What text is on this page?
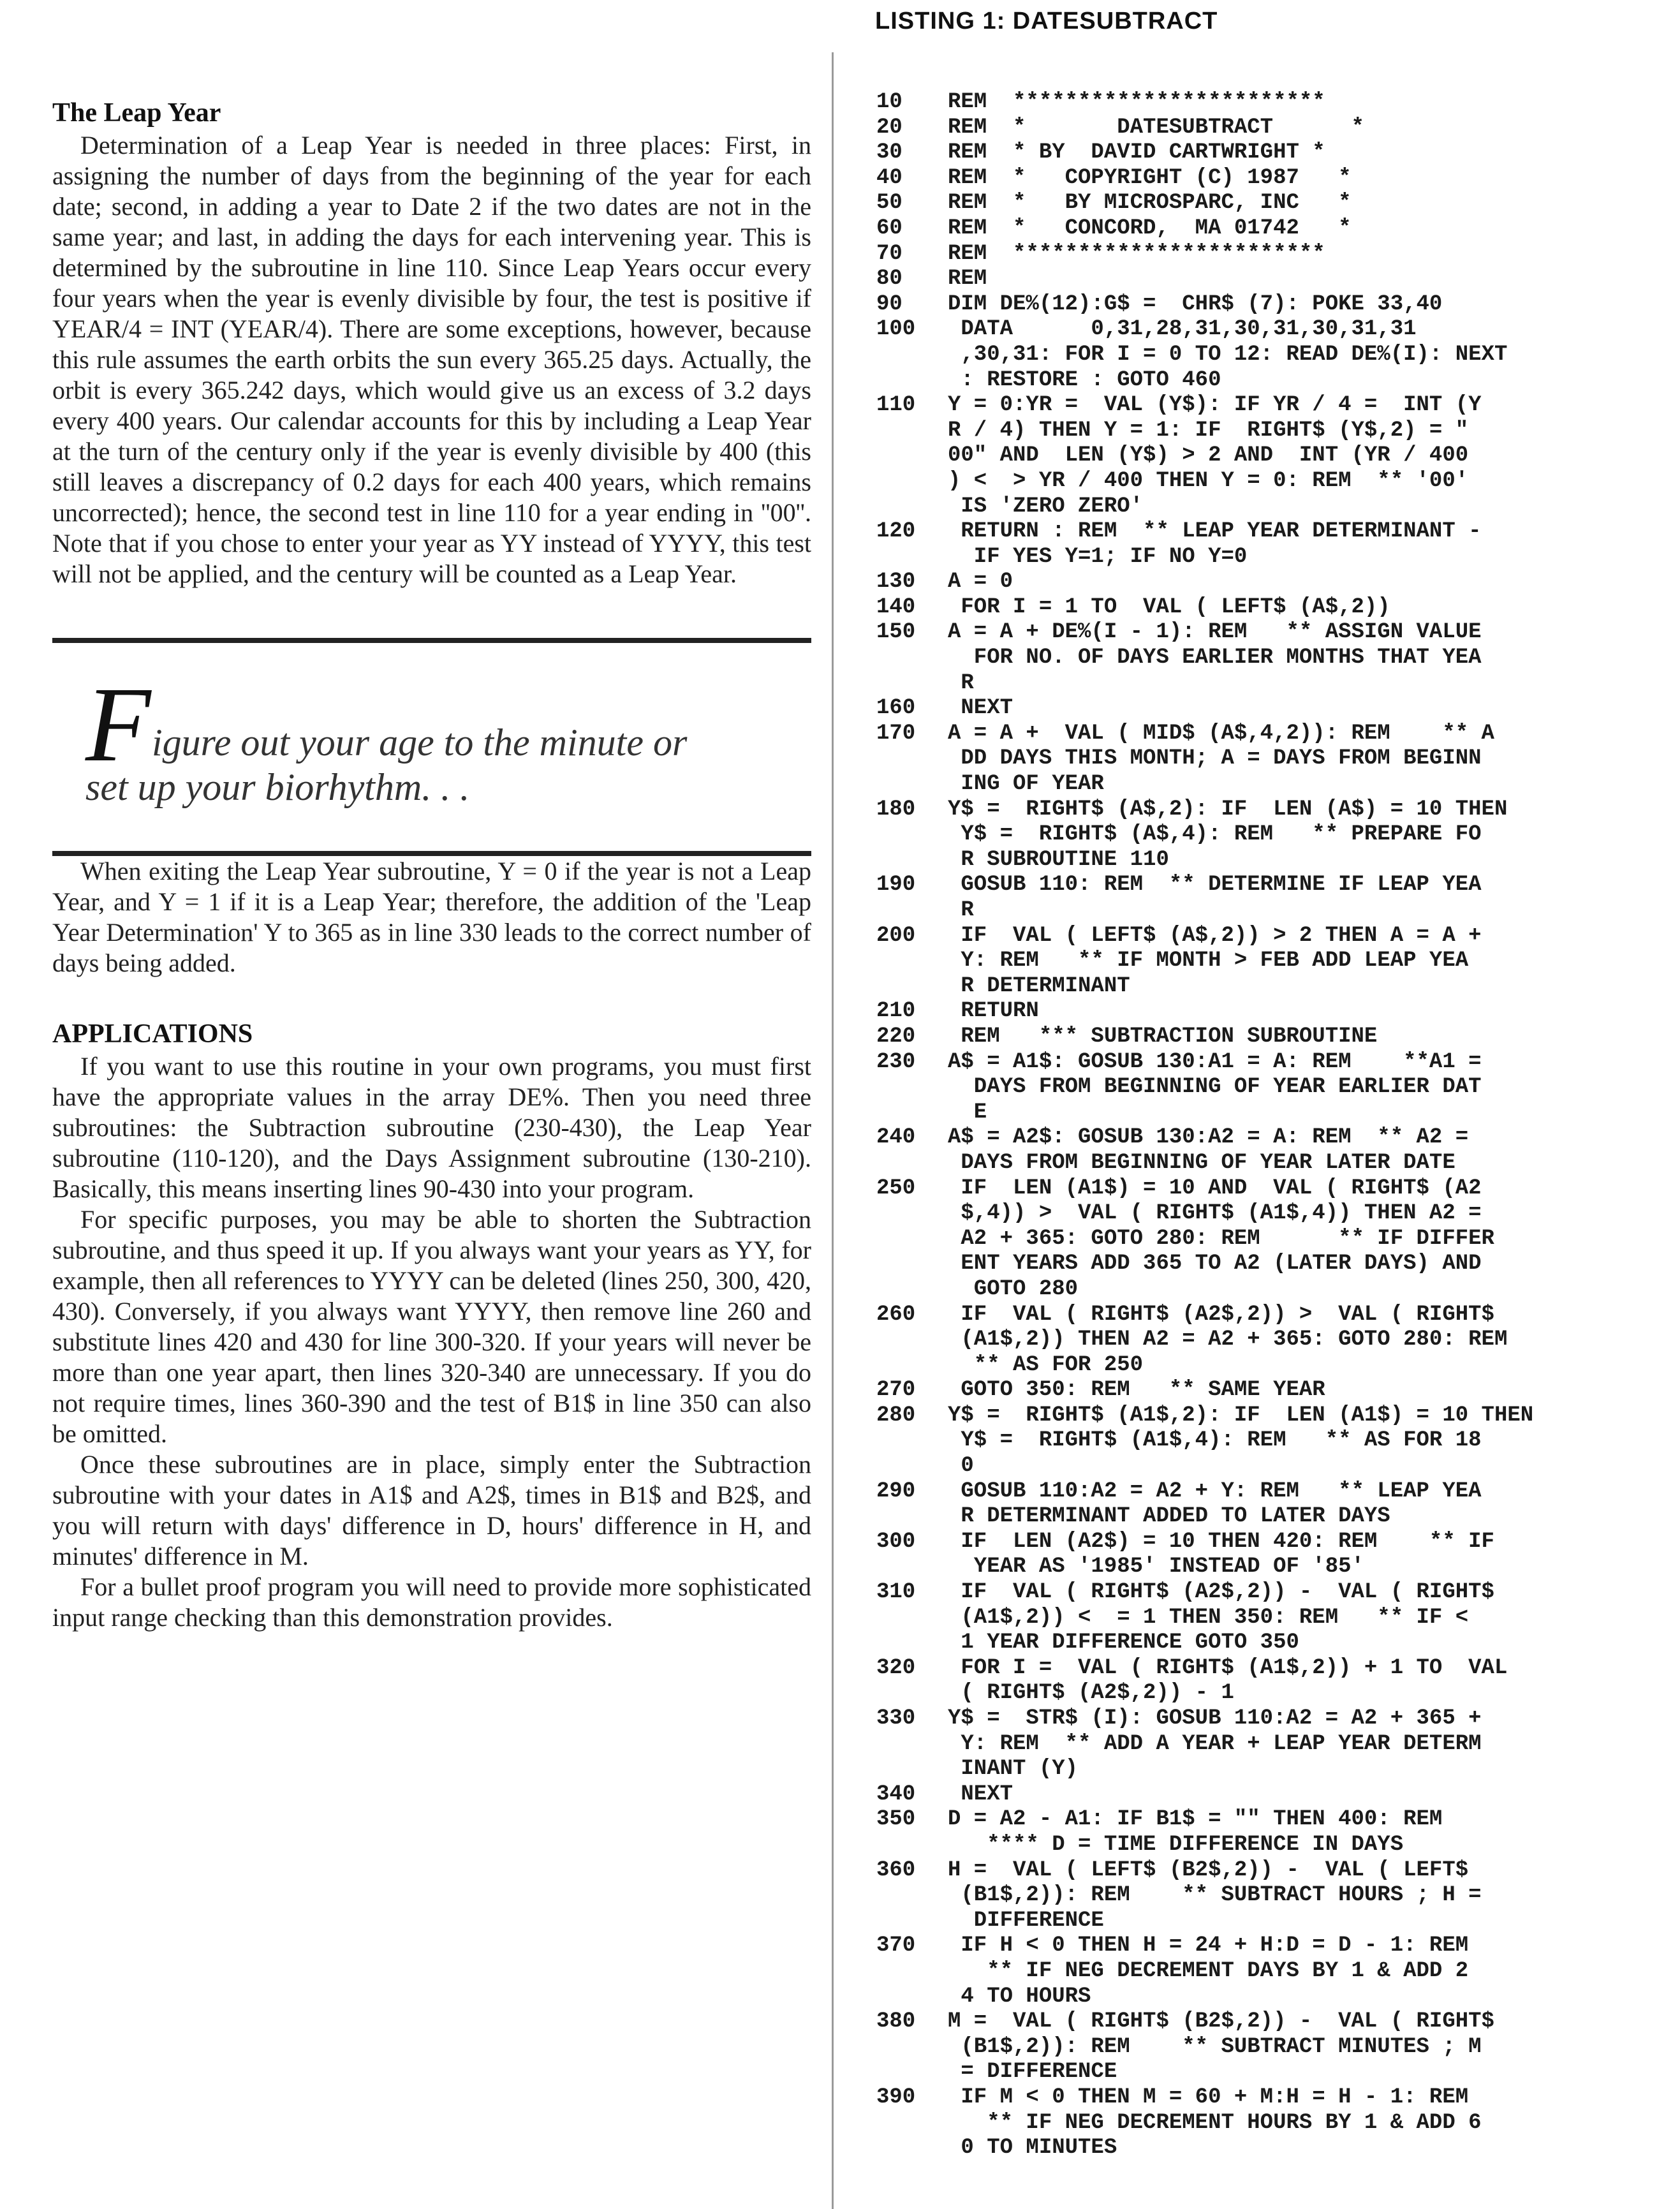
The Leap Year

Determination of a Leap Year is needed in three places: First, in assigning the number of days from the beginning of the year for each date; second, in adding a year to Date 2 if the two dates are not in the same year; and last, in adding the days for each intervening year. This is determined by the subroutine in line 110. Since Leap Years occur every four years when the year is evenly divisible by four, the test is positive if YEAR/4 = INT (YEAR/4). There are some exceptions, however, because this rule assumes the earth orbits the sun every 365.25 days. Actually, the orbit is every 365.242 days, which would give us an excess of 3.2 days every 400 years. Our calendar accounts for this by including a Leap Year at the turn of the century only if the year is evenly divisible by 400 (this still leaves a discrepancy of 0.2 days for each 400 years, which remains uncorrected); hence, the second test in line 110 for a year ending in ''00''. Note that if you chose to enter your year as YY instead of YYYY, this test will not be applied, and the century will be counted as a Leap Year.

F igure out your age to the minute or
set up your biorhythm. . .

When exiting the Leap Year subroutine, Y = 0 if the year is not a Leap Year, and Y = 1 if it is a Leap Year; therefore, the addition of the 'Leap Year Determination' Y to 365 as in line 330 leads to the correct number of days being added.

APPLICATIONS

If you want to use this routine in your own programs, you must first have the appropriate values in the array DE%. Then you need three subroutines: the Subtraction subroutine (230-430), the Leap Year subroutine (110-120), and the Days Assignment subroutine (130-210). Basically, this means inserting lines 90-430 into your program.

For specific purposes, you may be able to shorten the Subtraction subroutine, and thus speed it up. If you always want your years as YY, for example, then all references to YYYY can be deleted (lines 250, 300, 420, 430). Conversely, if you always want YYYY, then remove line 260 and substitute lines 420 and 430 for line 300-320. If your years will never be more than one year apart, then lines 320-340 are unnecessary. If you do not require times, lines 360-390 and the test of B1$ in line 350 can also be omitted.

Once these subroutines are in place, simply enter the Subtraction subroutine with your dates in A1$ and A2$, times in B1$ and B2$, and you will return with days' difference in D, hours' difference in H, and minutes' difference in M.

For a bullet proof program you will need to provide more sophisticated input range checking than this demonstration provides.

LISTING 1: DATESUBTRACT
10	REM  ************************
20	REM  *       DATESUBTRACT      *
30	REM  * BY  DAVID CARTWRIGHT *
40	REM  *   COPYRIGHT (C) 1987   *
50	REM  *   BY MICROSPARC, INC   *
60	REM  *   CONCORD,  MA 01742   *
70	REM  ************************
80	REM
90	DIM DE%(12):G$ =  CHR$ (7): POKE 33,40
100	DATA      0,31,28,31,30,31,30,31,31
,30,31: FOR I = 0 TO 12: READ DE%(I): NEXT
: RESTORE : GOTO 460
110	Y = 0:YR =  VAL (Y$): IF YR / 4 =  INT (Y
R / 4) THEN Y = 1: IF  RIGHT$ (Y$,2) = "
00" AND  LEN (Y$) > 2 AND  INT (YR / 400
) <  > YR / 400 THEN Y = 0: REM  ** '00'
IS 'ZERO ZERO'
120	RETURN : REM  ** LEAP YEAR DETERMINANT -
IF YES Y=1; IF NO Y=0
130	A = 0
140	FOR I = 1 TO  VAL ( LEFT$ (A$,2))
150	A = A + DE%(I - 1): REM   ** ASSIGN VALUE
FOR NO. OF DAYS EARLIER MONTHS THAT YEA
R
160	NEXT
170	A = A +  VAL ( MID$ (A$,4,2)): REM    ** A
DD DAYS THIS MONTH; A = DAYS FROM BEGINN
ING OF YEAR
180	Y$ =  RIGHT$ (A$,2): IF  LEN (A$) = 10 THEN
Y$ =  RIGHT$ (A$,4): REM   ** PREPARE FO
R SUBROUTINE 110
190	GOSUB 110: REM  ** DETERMINE IF LEAP YEA
R
200	IF  VAL ( LEFT$ (A$,2)) > 2 THEN A = A +
Y: REM   ** IF MONTH > FEB ADD LEAP YEA
R DETERMINANT
210	RETURN
220	REM   *** SUBTRACTION SUBROUTINE
230	A$ = A1$: GOSUB 130:A1 = A: REM    **A1 =
DAYS FROM BEGINNING OF YEAR EARLIER DAT
E
240	A$ = A2$: GOSUB 130:A2 = A: REM  ** A2 =
DAYS FROM BEGINNING OF YEAR LATER DATE
250	IF  LEN (A1$) = 10 AND  VAL ( RIGHT$ (A2
$,4)) >  VAL ( RIGHT$ (A1$,4)) THEN A2 =
A2 + 365: GOTO 280: REM      ** IF DIFFER
ENT YEARS ADD 365 TO A2 (LATER DAYS) AND
GOTO 280
260	IF  VAL ( RIGHT$ (A2$,2)) >  VAL ( RIGHT$
(A1$,2)) THEN A2 = A2 + 365: GOTO 280: REM
** AS FOR 250
270	GOTO 350: REM   ** SAME YEAR
280	Y$ =  RIGHT$ (A1$,2): IF  LEN (A1$) = 10 THEN
Y$ =  RIGHT$ (A1$,4): REM   ** AS FOR 18
0
290	GOSUB 110:A2 = A2 + Y: REM   ** LEAP YEA
R DETERMINANT ADDED TO LATER DAYS
300	IF  LEN (A2$) = 10 THEN 420: REM    ** IF
YEAR AS '1985' INSTEAD OF '85'
310	IF  VAL ( RIGHT$ (A2$,2)) -  VAL ( RIGHT$
(A1$,2)) <  = 1 THEN 350: REM   ** IF <
1 YEAR DIFFERENCE GOTO 350
320	FOR I =  VAL ( RIGHT$ (A1$,2)) + 1 TO  VAL
( RIGHT$ (A2$,2)) - 1
330	Y$ =  STR$ (I): GOSUB 110:A2 = A2 + 365 +
Y: REM  ** ADD A YEAR + LEAP YEAR DETERM
INANT (Y)
340	NEXT
350	D = A2 - A1: IF B1$ = "" THEN 400: REM
**** D = TIME DIFFERENCE IN DAYS
360	H =  VAL ( LEFT$ (B2$,2)) -  VAL ( LEFT$
(B1$,2)): REM    ** SUBTRACT HOURS ; H =
DIFFERENCE
370	IF H < 0 THEN H = 24 + H:D = D - 1: REM
** IF NEG DECREMENT DAYS BY 1 & ADD 2
4 TO HOURS
380	M =  VAL ( RIGHT$ (B2$,2)) -  VAL ( RIGHT$
(B1$,2)): REM    ** SUBTRACT MINUTES ; M
= DIFFERENCE
390	IF M < 0 THEN M = 60 + M:H = H - 1: REM
** IF NEG DECREMENT HOURS BY 1 & ADD 6
0 TO MINUTES
